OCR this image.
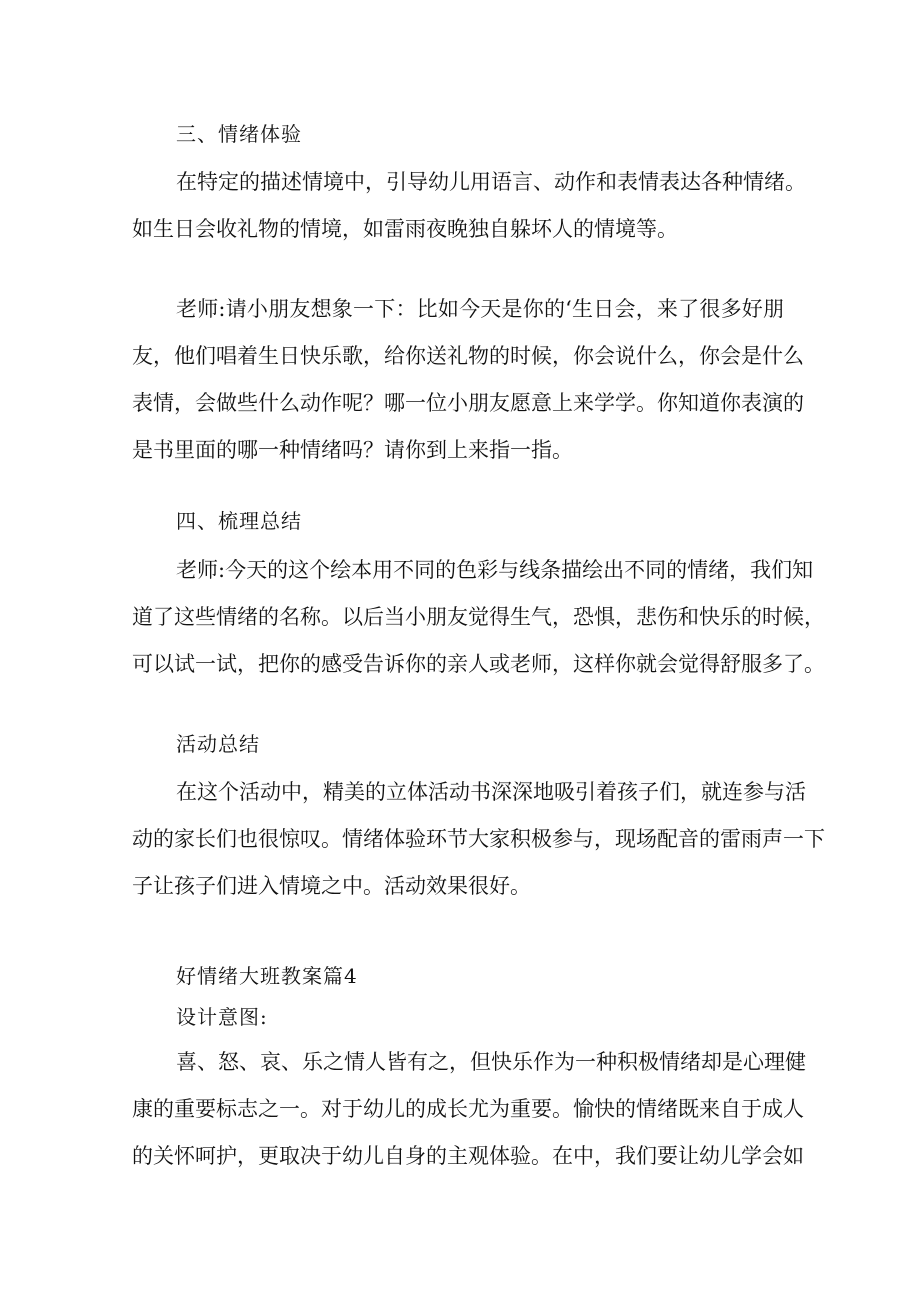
三、情绪体验
在特定的描述情境中，引导幼儿用语言、动作和表情表达各种情绪。
如生日会收礼物的情境，如雷雨夜晚独自躲坏人的情境等。
老师:请小朋友想象一下：比如今天是你的‘生日会，来了很多好朋
友，他们唱着生日快乐歌，给你送礼物的时候，你会说什么，你会是什么
表情，会做些什么动作呢？哪一位小朋友愿意上来学学。你知道你表演的
是书里面的哪一种情绪吗？请你到上来指一指。
四、梳理总结
老师:今天的这个绘本用不同的色彩与线条描绘出不同的情绪，我们知
道了这些情绪的名称。以后当小朋友觉得生气，恐惧，悲伤和快乐的时候，
可以试一试，把你的感受告诉你的亲人或老师，这样你就会觉得舒服多了。
活动总结
在这个活动中，精美的立体活动书深深地吸引着孩子们，就连参与活
动的家长们也很惊叹。情绪体验环节大家积极参与，现场配音的雷雨声一下
子让孩子们进入情境之中。活动效果很好。
好情绪大班教案篇4
设计意图:
喜、怒、哀、乐之情人皆有之，但快乐作为一种积极情绪却是心理健
康的重要标志之一。对于幼儿的成长尤为重要。愉快的情绪既来自于成人
的关怀呵护，更取决于幼儿自身的主观体验。在中，我们要让幼儿学会如
